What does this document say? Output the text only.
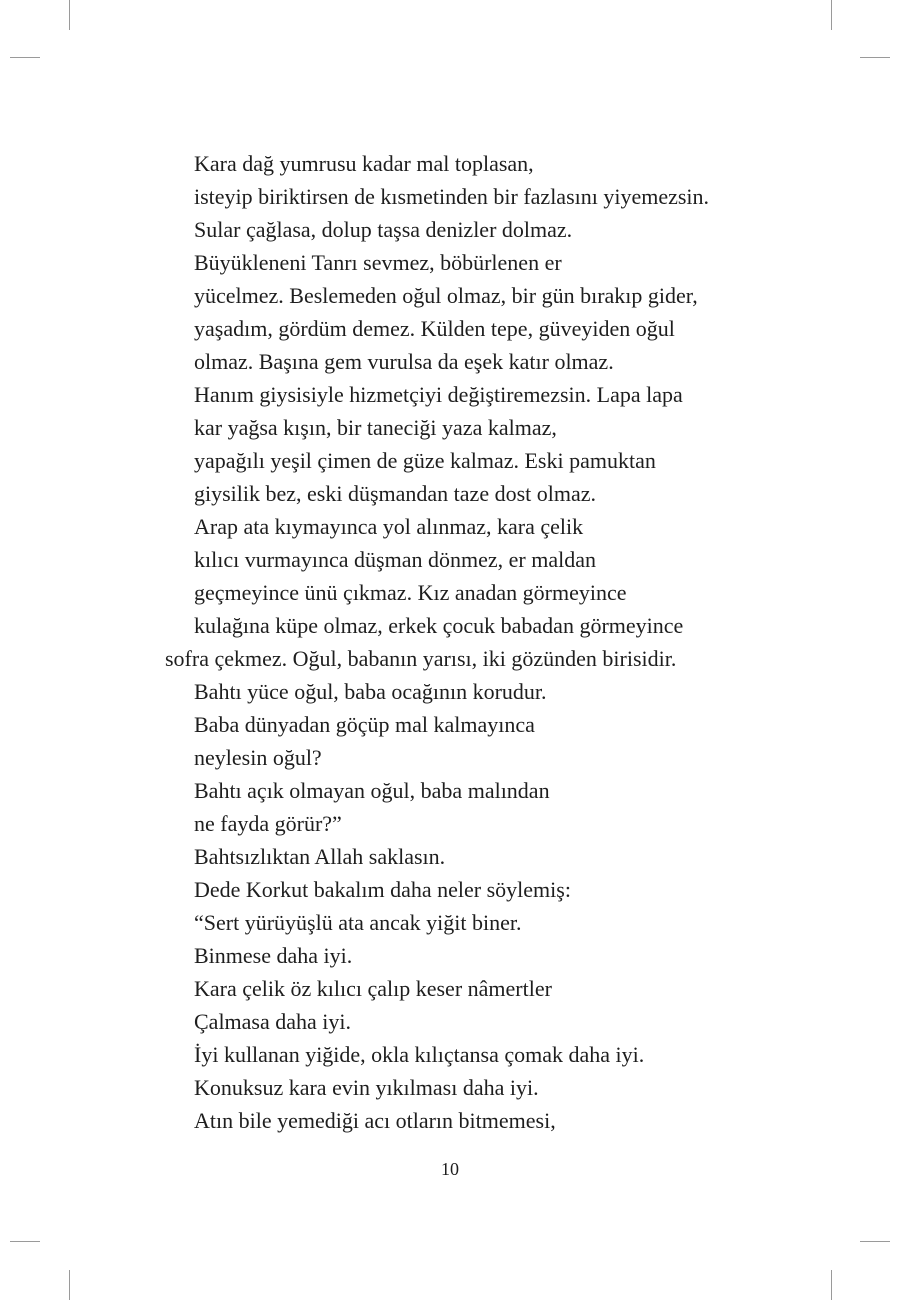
Kara dağ yumrusu kadar mal toplasan,
isteyip biriktirsen de kısmetinden bir fazlasını yiyemezsin.
Sular çağlasa, dolup taşsa denizler dolmaz.
Büyükleneni Tanrı sevmez, böbürlenen er
yücelmez. Beslemeden oğul olmaz, bir gün bırakıp gider,
yaşadım, gördüm demez. Külden tepe, güveyiden oğul
olmaz. Başına gem vurulsa da eşek katır olmaz.
Hanım giysisiyle hizmetçiyi değiştiremezsin. Lapa lapa
kar yağsa kışın, bir taneciği yaza kalmaz,
yapağılı yeşil çimen de güze kalmaz. Eski pamuktan
giysilik bez, eski düşmandan taze dost olmaz.
Arap ata kıymayınca yol alınmaz, kara çelik
kılıcı vurmayınca düşman dönmez, er maldan
geçmeyince ünü çıkmaz. Kız anadan görmeyince
kulağına küpe olmaz, erkek çocuk babadan görmeyince
sofra çekmez. Oğul, babanın yarısı, iki gözünden birisidir.
Bahtı yüce oğul, baba ocağının korudur.
Baba dünyadan göçüp mal kalmayınca
neylesin oğul?
Bahtı açık olmayan oğul, baba malından
ne fayda görür?”
Bahtsızlıktan Allah saklasın.
Dede Korkut bakalım daha neler söylemiş:
“Sert yürüyüşlü ata ancak yiğit biner.
Binmese daha iyi.
Kara çelik öz kılıcı çalıp keser nâmertler
Çalmasa daha iyi.
İyi kullanan yiğide, okla kılıçtansa çomak daha iyi.
Konuksuz kara evin yıkılması daha iyi.
Atın bile yemediği acı otların bitmemesi,
10
